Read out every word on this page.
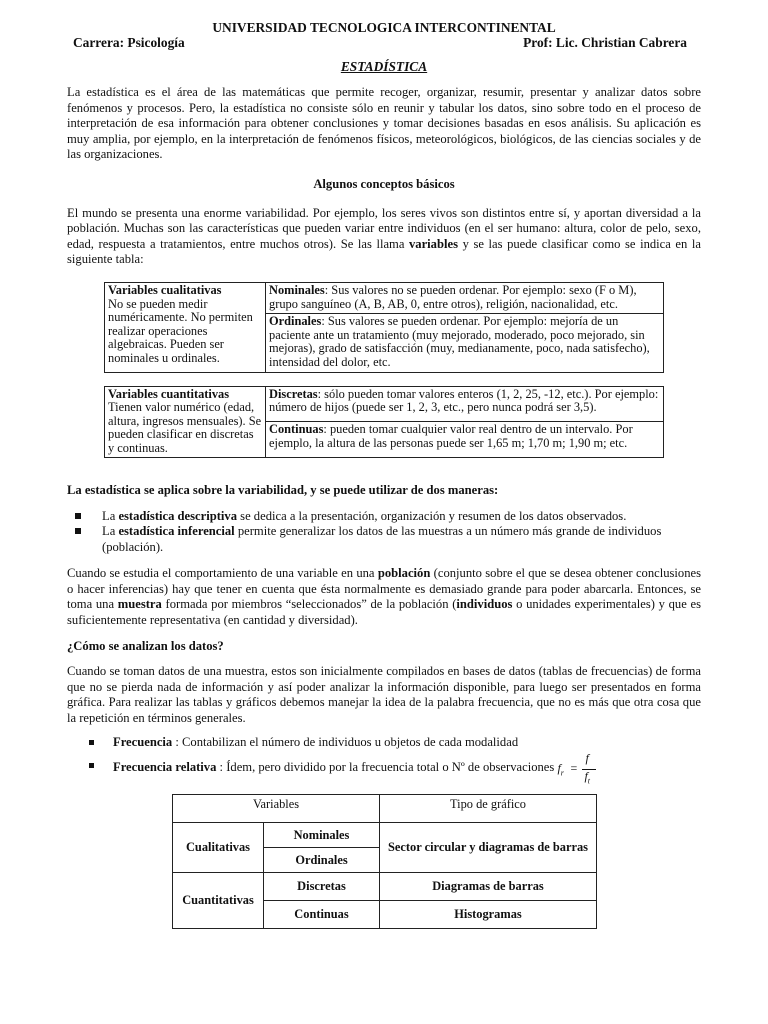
UNIVERSIDAD TECNOLOGICA INTERCONTINENTAL
Carrera: Psicología	Prof: Lic. Christian Cabrera
ESTADÍSTICA

La estadística es el área de las matemáticas que permite recoger, organizar, resumir, presentar y analizar datos sobre fenómenos y procesos. Pero, la estadística no consiste sólo en reunir y tabular los datos, sino sobre todo en el proceso de interpretación de esa información para obtener conclusiones y tomar decisiones basadas en esos análisis. Su aplicación es muy amplia, por ejemplo, en la interpretación de fenómenos físicos, meteorológicos, biológicos, de las ciencias sociales y de las organizaciones.

Algunos conceptos básicos

El mundo se presenta una enorme variabilidad. Por ejemplo, los seres vivos son distintos entre sí, y aportan diversidad a la población. Muchas son las características que pueden variar entre individuos (en el ser humano: altura, color de pelo, sexo, edad, respuesta a tratamientos, entre muchos otros). Se las llama variables y se las puede clasificar como se indica en la siguiente tabla:

Variables cualitativas
No se pueden medir numéricamente. No permiten realizar operaciones algebraicas. Pueden ser nominales u ordinales.	Nominales: Sus valores no se pueden ordenar. Por ejemplo: sexo (F o M), grupo sanguíneo (A, B, AB, 0, entre otros), religión, nacionalidad, etc.
Ordinales: Sus valores se pueden ordenar. Por ejemplo: mejoría de un paciente ante un tratamiento (muy mejorado, moderado, poco mejorado, sin mejoras), grado de satisfacción (muy, medianamente, poco, nada satisfecho), intensidad del dolor, etc.
Variables cuantitativas
Tienen valor numérico (edad, altura, ingresos mensuales). Se pueden clasificar en discretas y continuas.	Discretas: sólo pueden tomar valores enteros (1, 2, 25, -12, etc.). Por ejemplo: número de hijos (puede ser 1, 2, 3, etc., pero nunca podrá ser 3,5).
Continuas: pueden tomar cualquier valor real dentro de un intervalo. Por ejemplo, la altura de las personas puede ser 1,65 m; 1,70 m; 1,90 m; etc.
La estadística se aplica sobre la variabilidad, y se puede utilizar de dos maneras:
La estadística descriptiva se dedica a la presentación, organización y resumen de los datos observados.
La estadística inferencial permite generalizar los datos de las muestras a un número más grande de individuos (población).

Cuando se estudia el comportamiento de una variable en una población (conjunto sobre el que se desea obtener conclusiones o hacer inferencias) hay que tener en cuenta que ésta normalmente es demasiado grande para poder abarcarla. Entonces, se toma una muestra formada por miembros “seleccionados” de la población (individuos o unidades experimentales) y que es suficientemente representativa (en cantidad y diversidad).

¿Cómo se analizan los datos?

Cuando se toman datos de una muestra, estos son inicialmente compilados en bases de datos (tablas de frecuencias) de forma que no se pierda nada de información y así poder analizar la información disponible, para luego ser presentados en forma gráfica. Para realizar las tablas y gráficos debemos manejar la idea de la palabra frecuencia, que no es más que otra cosa que la repetición en términos generales.

Frecuencia : Contabilizan el número de individuos u objetos de cada modalidad
Frecuencia relativa : Ídem, pero dividido por la frecuencia total o Nº de observaciones $f_r$ =
f
$f_t$
Variables		Tipo de gráfico
Cualitativas	Nominales	Sector circular y diagramas de barras
	Ordinales	
Cuantitativas	Discretas	Diagramas de barras
	Continuas	Histogramas
